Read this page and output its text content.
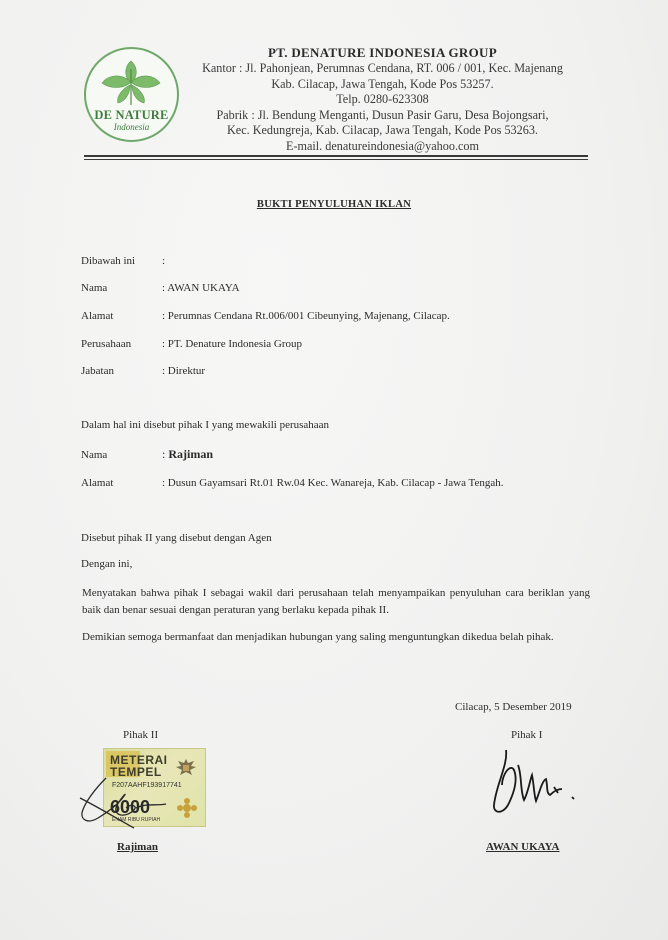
DE NATURE
Indonesia
PT. DENATURE INDONESIA GROUP
Kantor : Jl. Pahonjean, Perumnas Cendana, RT. 006 / 001, Kec. Majenang
Kab. Cilacap, Jawa Tengah, Kode Pos 53257.
Telp. 0280-623308
Pabrik : Jl. Bendung Menganti, Dusun Pasir Garu, Desa Bojongsari,
Kec. Kedungreja, Kab. Cilacap, Jawa Tengah, Kode Pos 53263.
E-mail. denatureindonesia@yahoo.com
BUKTI PENYULUHAN IKLAN
Dibawah ini :
Nama	: AWAN UKAYA
Alamat	: Perumnas Cendana Rt.006/001 Cibeunying, Majenang, Cilacap.
Perusahaan	: PT. Denature Indonesia Group
Jabatan	: Direktur
Dalam hal ini disebut pihak I yang mewakili perusahaan
Nama	: Rajiman
Alamat	: Dusun Gayamsari Rt.01 Rw.04 Kec. Wanareja, Kab. Cilacap - Jawa Tengah.
Disebut pihak II yang disebut dengan Agen
Dengan ini,
Menyatakan bahwa pihak I sebagai wakil dari perusahaan telah menyampaikan penyuluhan cara beriklan yang baik dan benar sesuai dengan peraturan yang berlaku kepada pihak II.
Demikian semoga bermanfaat dan menjadikan hubungan yang saling menguntungkan dikedua belah pihak.
Cilacap, 5 Desember 2019
Pihak II	Pihak I
METERAI
TEMPEL
F207AAHF193917741
6000
ENAM RIBU RUPIAH
Rajiman	AWAN UKAYA
